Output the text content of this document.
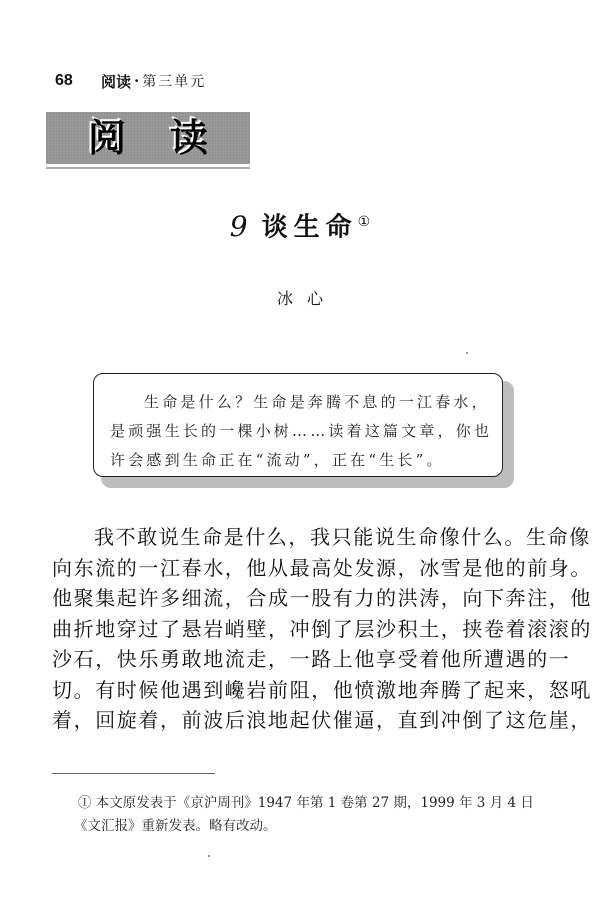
68	阅读 · 第三单元
阅 读
9 谈生命①
冰心
生命是什么？生命是奔腾不息的一江春水，
是顽强生长的一棵小树……读着这篇文章，你也
许会感到生命正在“流动”，正在“生长”。
我不敢说生命是什么，我只能说生命像什么。生命像
向东流的一江春水，他从最高处发源，冰雪是他的前身。
他聚集起许多细流，合成一股有力的洪涛，向下奔注，他
曲折地穿过了悬岩峭壁，冲倒了层沙积土，挟卷着滚滚的
沙石，快乐勇敢地流走，一路上他享受着他所遭遇的一
切。有时候他遇到巉岩前阻，他愤激地奔腾了起来，怒吼
着，回旋着，前波后浪地起伏催逼，直到冲倒了这危崖，
① 本文原发表于《京沪周刊》1947 年第 1 卷第 27 期，1999 年 3 月 4 日
《文汇报》重新发表。略有改动。
